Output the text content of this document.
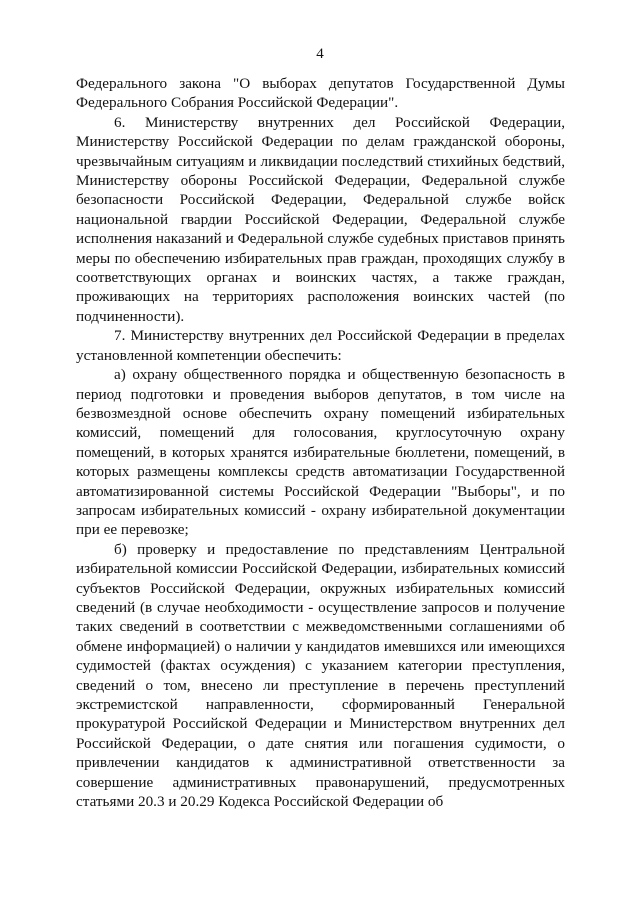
4

Федерального закона "О выборах депутатов Государственной Думы Федерального Собрания Российской Федерации".

6. Министерству внутренних дел Российской Федерации, Министерству Российской Федерации по делам гражданской обороны, чрезвычайным ситуациям и ликвидации последствий стихийных бедствий, Министерству обороны Российской Федерации, Федеральной службе безопасности Российской Федерации, Федеральной службе войск национальной гвардии Российской Федерации, Федеральной службе исполнения наказаний и Федеральной службе судебных приставов принять меры по обеспечению избирательных прав граждан, проходящих службу в соответствующих органах и воинских частях, а также граждан, проживающих на территориях расположения воинских частей (по подчиненности).

7. Министерству внутренних дел Российской Федерации в пределах установленной компетенции обеспечить:

а) охрану общественного порядка и общественную безопасность в период подготовки и проведения выборов депутатов, в том числе на безвозмездной основе обеспечить охрану помещений избирательных комиссий, помещений для голосования, круглосуточную охрану помещений, в которых хранятся избирательные бюллетени, помещений, в которых размещены комплексы средств автоматизации Государственной автоматизированной системы Российской Федерации "Выборы", и по запросам избирательных комиссий - охрану избирательной документации при ее перевозке;

б) проверку и предоставление по представлениям Центральной избирательной комиссии Российской Федерации, избирательных комиссий субъектов Российской Федерации, окружных избирательных комиссий сведений (в случае необходимости - осуществление запросов и получение таких сведений в соответствии с межведомственными соглашениями об обмене информацией) о наличии у кандидатов имевшихся или имеющихся судимостей (фактах осуждения) с указанием категории преступления, сведений о том, внесено ли преступление в перечень преступлений экстремистской направленности, сформированный Генеральной прокуратурой Российской Федерации и Министерством внутренних дел Российской Федерации, о дате снятия или погашения судимости, о привлечении кандидатов к административной ответственности за совершение административных правонарушений, предусмотренных статьями 20.3 и 20.29 Кодекса Российской Федерации об
